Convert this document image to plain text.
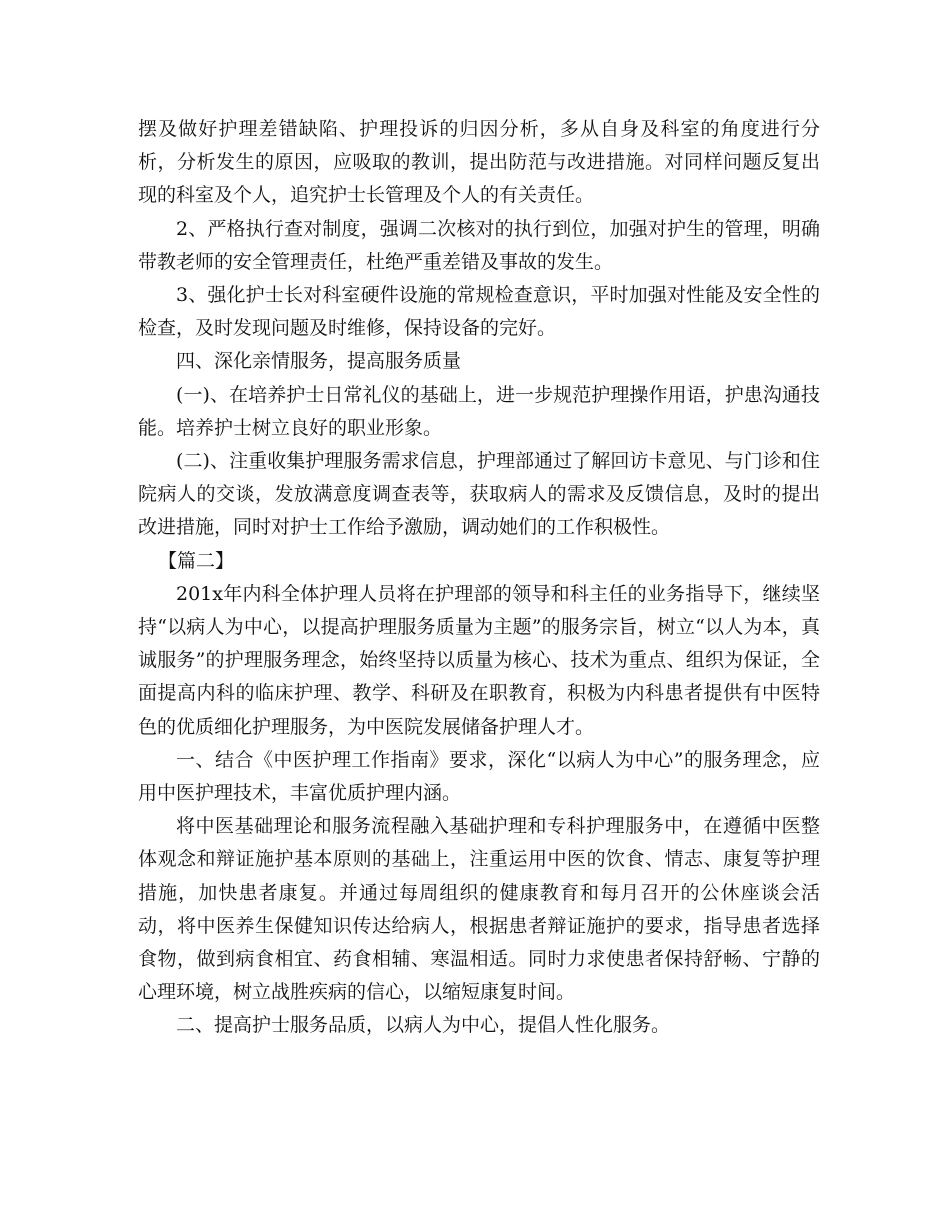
摆及做好护理差错缺陷、护理投诉的归因分析，多从自身及科室的角度进行分析，分析发生的原因，应吸取的教训，提出防范与改进措施。对同样问题反复出现的科室及个人，追究护士长管理及个人的有关责任。

2、严格执行查对制度，强调二次核对的执行到位，加强对护生的管理，明确带教老师的安全管理责任，杜绝严重差错及事故的发生。

3、强化护士长对科室硬件设施的常规检查意识，平时加强对性能及安全性的检查，及时发现问题及时维修，保持设备的完好。

四、深化亲情服务，提高服务质量

(一)、在培养护士日常礼仪的基础上，进一步规范护理操作用语，护患沟通技能。培养护士树立良好的职业形象。

(二)、注重收集护理服务需求信息，护理部通过了解回访卡意见、与门诊和住院病人的交谈，发放满意度调查表等，获取病人的需求及反馈信息，及时的提出改进措施，同时对护士工作给予激励，调动她们的工作积极性。

【篇二】

201x年内科全体护理人员将在护理部的领导和科主任的业务指导下，继续坚持“以病人为中心，以提高护理服务质量为主题”的服务宗旨，树立“以人为本，真诚服务”的护理服务理念，始终坚持以质量为核心、技术为重点、组织为保证，全面提高内科的临床护理、教学、科研及在职教育，积极为内科患者提供有中医特色的优质细化护理服务，为中医院发展储备护理人才。

一、结合《中医护理工作指南》要求，深化“以病人为中心”的服务理念，应用中医护理技术，丰富优质护理内涵。

将中医基础理论和服务流程融入基础护理和专科护理服务中，在遵循中医整体观念和辩证施护基本原则的基础上，注重运用中医的饮食、情志、康复等护理措施，加快患者康复。并通过每周组织的健康教育和每月召开的公休座谈会活动，将中医养生保健知识传达给病人，根据患者辩证施护的要求，指导患者选择食物，做到病食相宜、药食相辅、寒温相适。同时力求使患者保持舒畅、宁静的心理环境，树立战胜疾病的信心，以缩短康复时间。

二、提高护士服务品质，以病人为中心，提倡人性化服务。
